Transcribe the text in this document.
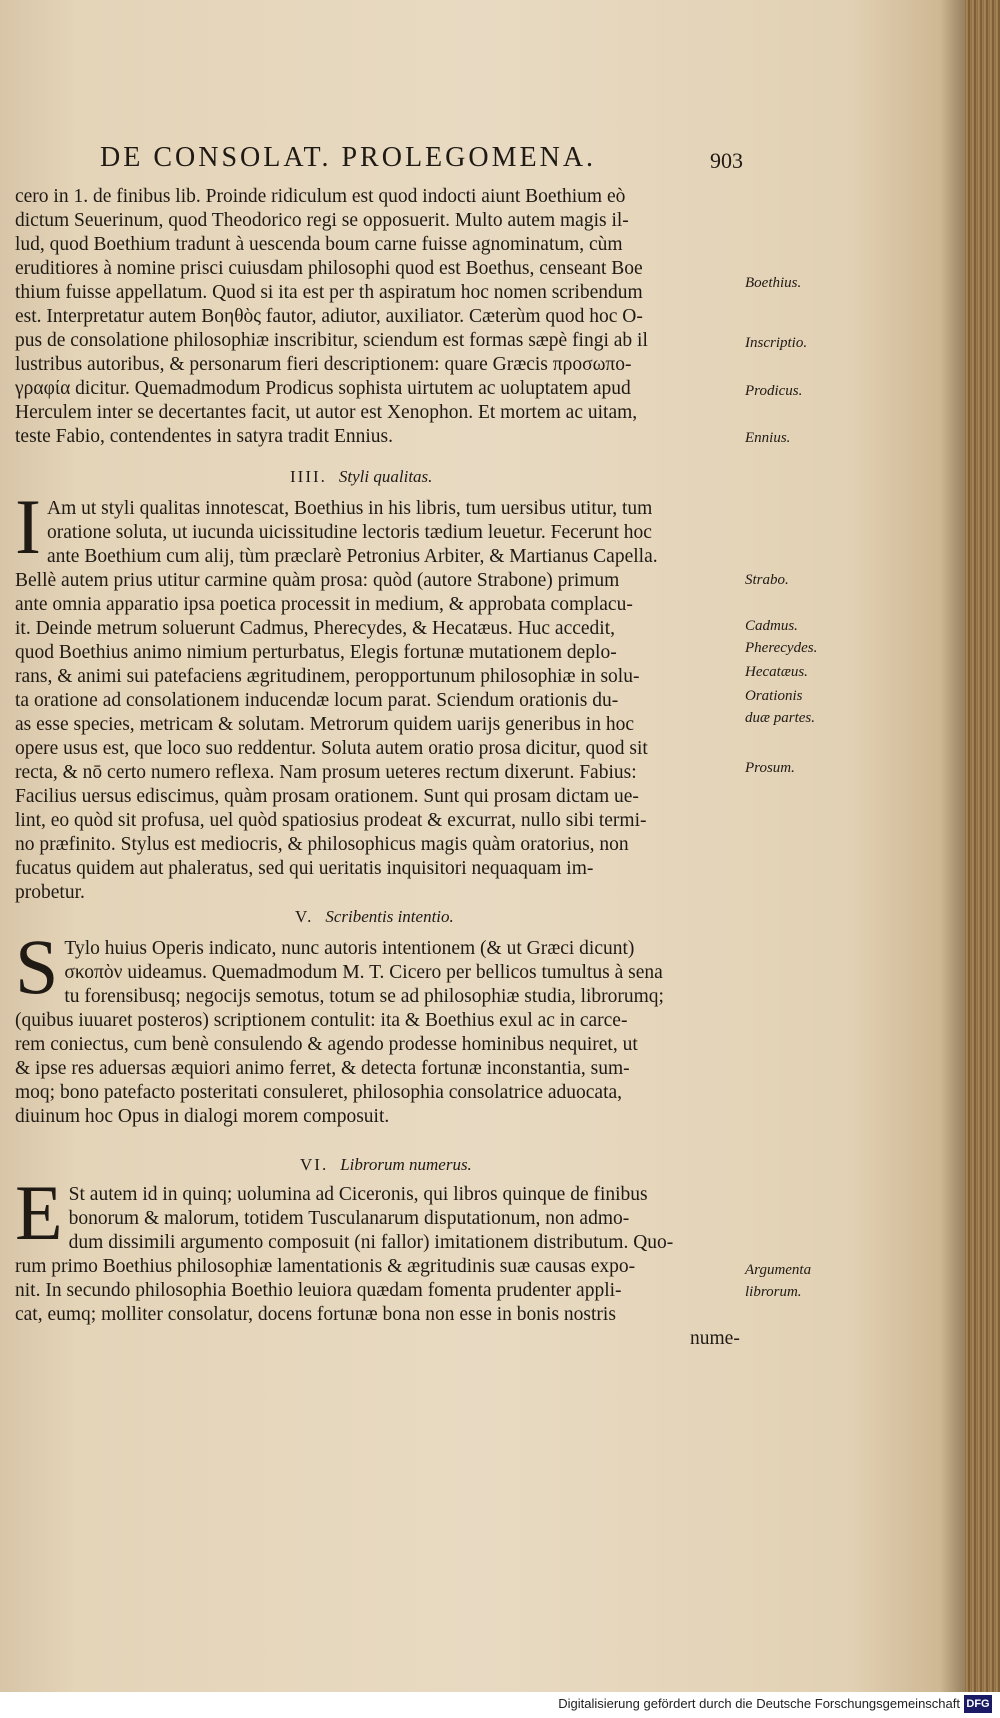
DE CONSOLAT. PROLEGOMENA.	903
cero in 1. de finibus lib. Proinde ridiculum est quod indocti aiunt Boethium eò
dictum Seuerinum, quod Theodorico regi se opposuerit. Multo autem magis il-
lud, quod Boethium tradunt à uescenda boum carne fuisse agnominatum, cùm
eruditiores à nomine prisci cuiusdam philosophi quod est Boethus, censeant Boe
thium fuisse appellatum. Quod si ita est per th aspiratum hoc nomen scribendum
est. Interpretatur autem Βοηθὸς fautor, adiutor, auxiliator. Cæterùm quod hoc O-
pus de consolatione philosophiæ inscribitur, sciendum est formas sæpè fingi ab il
lustribus autoribus, & personarum fieri descriptionem: quare Græcis προσωπο-
γραφία dicitur. Quemadmodum Prodicus sophista uirtutem ac uoluptatem apud
Herculem inter se decertantes facit, ut autor est Xenophon. Et mortem ac uitam,
teste Fabio, contendentes in satyra tradit Ennius.
IIII. Styli qualitas.
I Am ut styli qualitas innotescat, Boethius in his libris, tum uersibus utitur, tum
oratione soluta, ut iucunda uicissitudine lectoris tædium leuetur. Fecerunt hoc
ante Boethium cum alij, tùm præclarè Petronius Arbiter, & Martianus Capella.
Bellè autem prius utitur carmine quàm prosa: quòd (autore Strabone) primum
ante omnia apparatio ipsa poetica processit in medium, & approbata complacu-
it. Deinde metrum soluerunt Cadmus, Pherecydes, & Hecatæus. Huc accedit,
quod Boethius animo nimium perturbatus, Elegis fortunæ mutationem deplo-
rans, & animi sui patefaciens ægritudinem, peropportunum philosophiæ in solu-
ta oratione ad consolationem inducendæ locum parat. Sciendum orationis du-
as esse species, metricam & solutam. Metrorum quidem uarijs generibus in hoc
opere usus est, que loco suo reddentur. Soluta autem oratio prosa dicitur, quod sit
recta, & nō certo numero reflexa. Nam prosum ueteres rectum dixerunt. Fabius:
Facilius uersus ediscimus, quàm prosam orationem. Sunt qui prosam dictam ue-
lint, eo quòd sit profusa, uel quòd spatiosius prodeat & excurrat, nullo sibi termi-
no præfinito. Stylus est mediocris, & philosophicus magis quàm oratorius, non
fucatus quidem aut phaleratus, sed qui ueritatis inquisitori nequaquam im-
probetur.
V. Scribentis intentio.
S Tylo huius Operis indicato, nunc autoris intentionem (& ut Græci dicunt)
σκοπὸν uideamus. Quemadmodum M. T. Cicero per bellicos tumultus à sena
tu forensibusq; negocijs semotus, totum se ad philosophiæ studia, librorumq;
(quibus iuuaret posteros) scriptionem contulit: ita & Boethius exul ac in carce-
rem coniectus, cum benè consulendo & agendo prodesse hominibus nequiret, ut
& ipse res aduersas æquiori animo ferret, & detecta fortunæ inconstantia, sum-
moq; bono patefacto posteritati consuleret, philosophia consolatrice aduocata,
diuinum hoc Opus in dialogi morem composuit.
VI. Librorum numerus.
E St autem id in quinq; uolumina ad Ciceronis, qui libros quinque de finibus
bonorum & malorum, totidem Tusculanarum disputationum, non admo-
dum dissimili argumento composuit (ni fallor) imitationem distributum. Quo-
rum primo Boethius philosophiæ lamentationis & ægritudinis suæ causas expo-
nit. In secundo philosophia Boethio leuiora quædam fomenta prudenter appli-
cat, eumq; molliter consolatur, docens fortunæ bona non esse in bonis nostris
nume-
Boethius.
Inscriptio.
Prodicus.
Ennius.
Strabo.
Cadmus.
Pherecydes.
Hecatæus.
Orationis
duæ partes.
Prosum.
Argumenta
librorum.
Digitalisierung gefördert durch die Deutsche Forschungsgemeinschaft DFG
